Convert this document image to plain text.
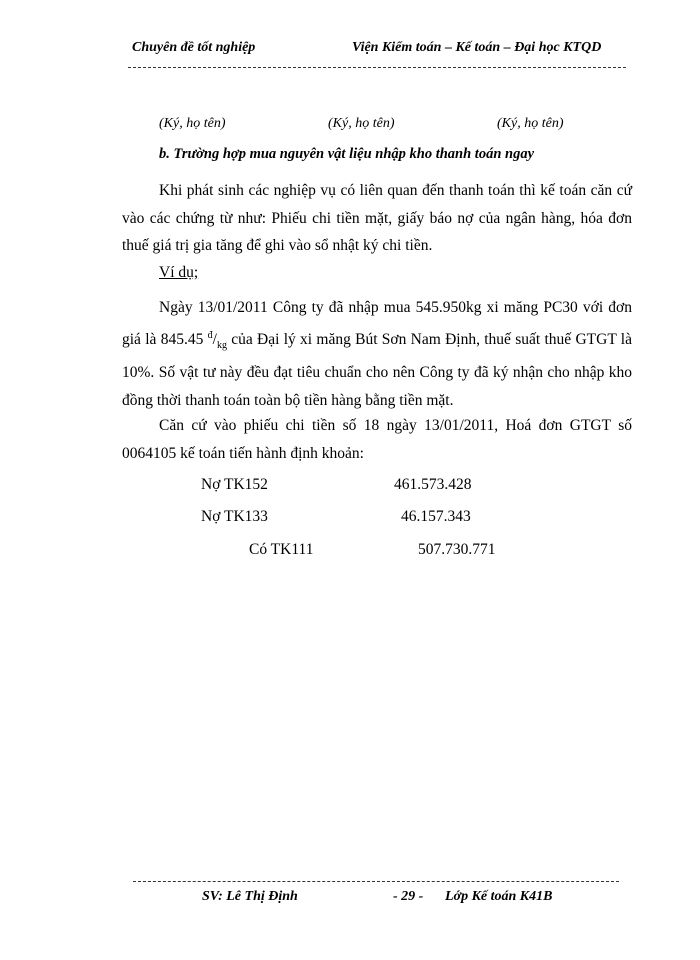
Chuyên đề tốt nghiệp	Viện Kiểm toán – Kế toán – Đại học KTQD
(Ký, họ tên)	(Ký, họ tên)	(Ký, họ tên)
b. Trường hợp mua nguyên vật liệu nhập kho thanh toán ngay

Khi phát sinh các nghiệp vụ có liên quan đến thanh toán thì kế toán căn cứ vào các chứng từ như: Phiếu chi tiền mặt, giấy báo nợ của ngân hàng, hóa đơn thuế giá trị gia tăng để ghi vào sổ nhật ký chi tiền.

Ví dụ;

Ngày 13/01/2011 Công ty đã nhập mua 545.950kg xi măng PC30 với đơn giá là 845.45 $^đ/_{kg}$ của Đại lý xi măng Bút Sơn Nam Định, thuế suất thuế GTGT là 10%. Số vật tư này đều đạt tiêu chuẩn cho nên Công ty đã ký nhận cho nhập kho đồng thời thanh toán toàn bộ tiền hàng bằng tiền mặt.

Căn cứ vào phiếu chi tiền số 18 ngày 13/01/2011, Hoá đơn GTGT số 0064105 kế toán tiến hành định khoản:

Nợ TK152	461.573.428
Nợ TK133	46.157.343
Có TK111	507.730.771
SV: Lê Thị Định	- 29 - Lớp Kế toán K41B
